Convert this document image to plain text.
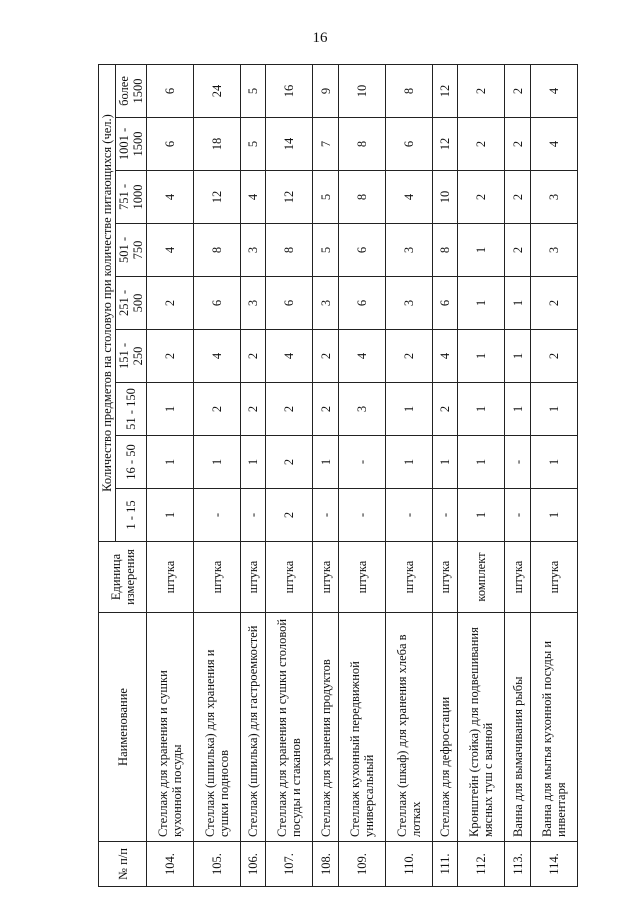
16
№ п/п	Наименование	Единица измерения	Количество предметов на столовую при количестве питающихся (чел.)								
			1 - 15	16 - 50	51 - 150	151 - 250	251 - 500	501 - 750	751 - 1000	1001 - 1500	более 1500
104.	Стеллаж для хранения и сушки кухонной посуды	штука	1	1	1	2	2	4	4	6	6
105.	Стеллаж (шпилька) для хранения и сушки подносов	штука	-	1	2	4	6	8	12	18	24
106.	Стеллаж (шпилька) для гастроемкостей	штука	-	1	2	2	3	3	4	5	5
107.	Стеллаж для хранения и сушки столовой посуды и стаканов	штука	2	2	2	4	6	8	12	14	16
108.	Стеллаж для хранения продуктов	штука	-	1	2	2	3	5	5	7	9
109.	Стеллаж кухонный передвижной универсальный	штука	-	-	3	4	6	6	8	8	10
110.	Стеллаж (шкаф) для хранения хлеба в лотках	штука	-	1	1	2	3	3	4	6	8
111.	Стеллаж для дефростации	штука	-	1	2	4	6	8	10	12	12
112.	Кронштейн (стойка) для подвешивания мясных туш с ванной	комплект	1	1	1	1	1	1	2	2	2
113.	Ванна для вымачивания рыбы	штука	-	-	1	1	1	2	2	2	2
114.	Ванна для мытья кухонной посуды и инвентаря	штука	1	1	1	2	2	3	3	4	4
